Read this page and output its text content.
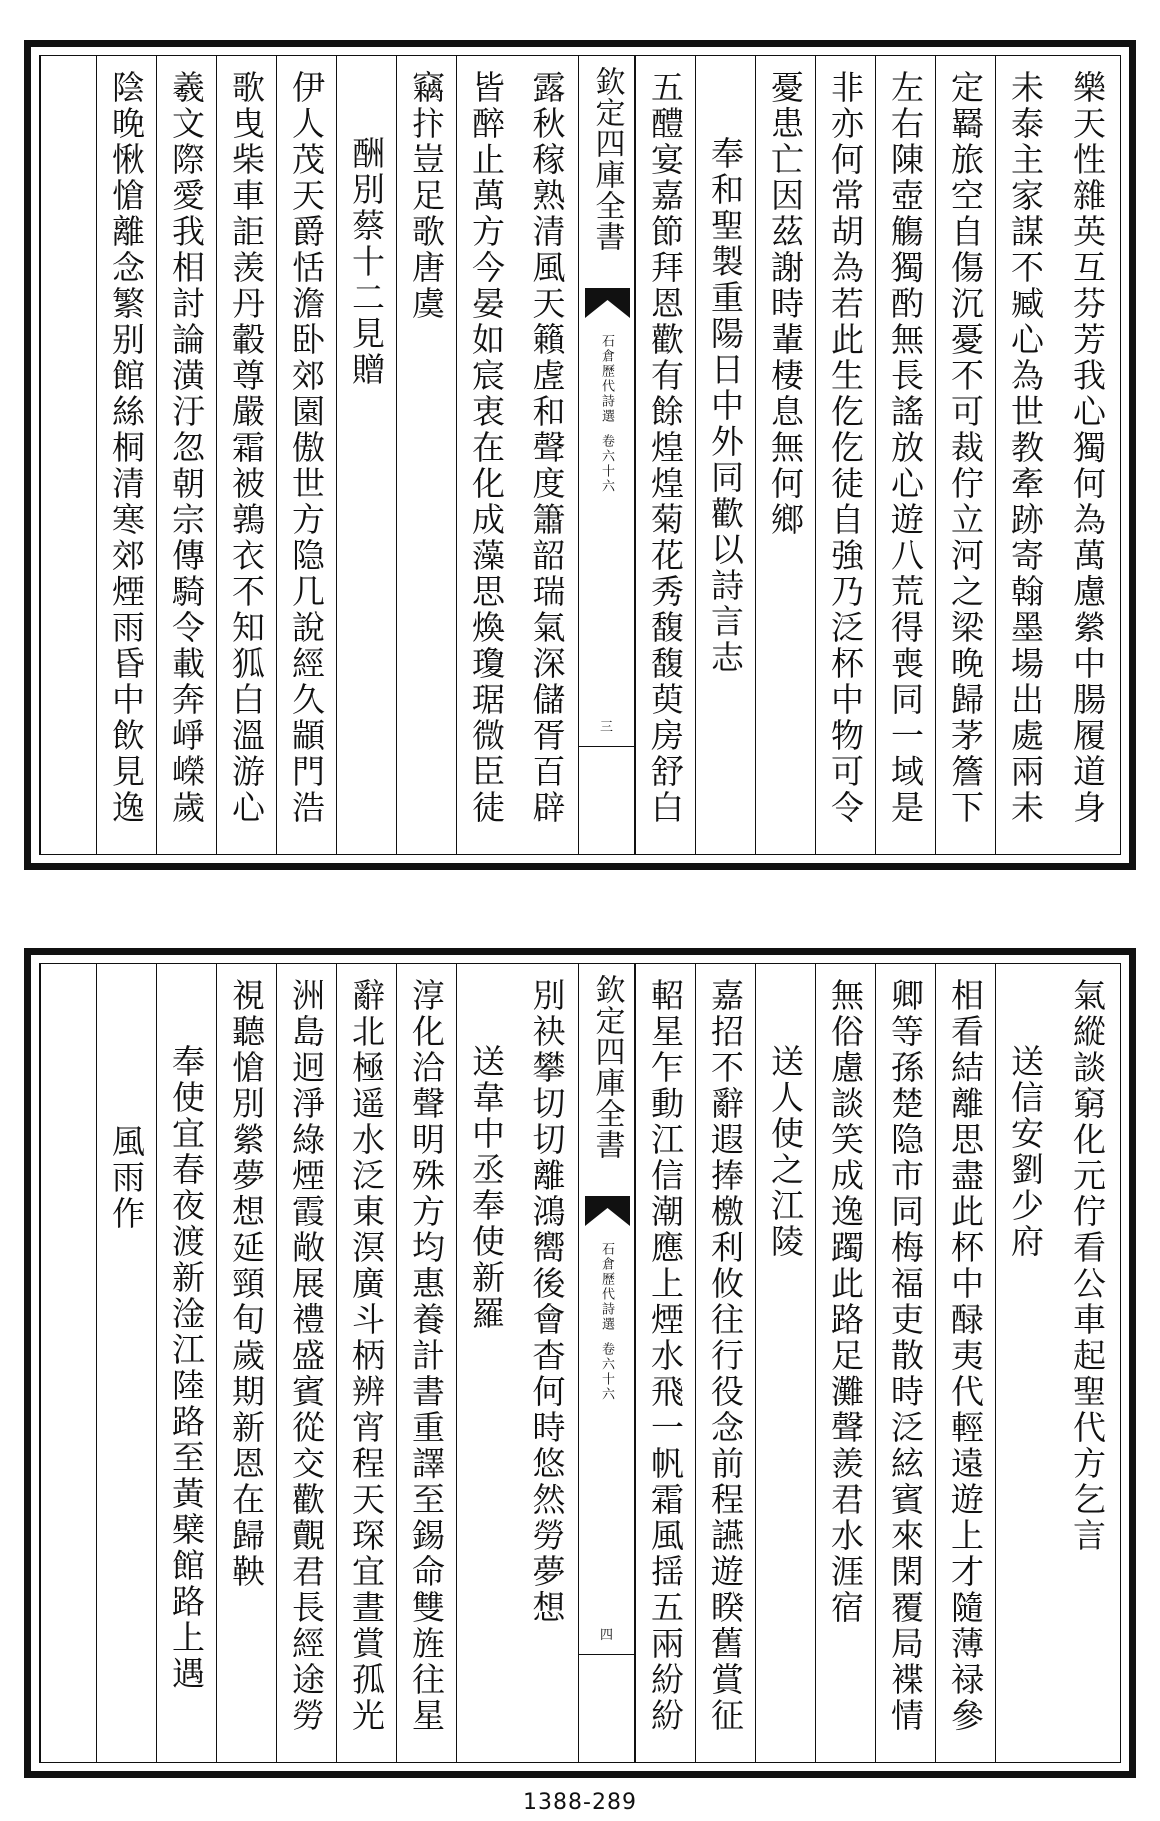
樂天性雜英互芬芳我心獨何為萬慮縈中腸履道身
未泰主家謀不臧心為世教牽跡寄翰墨場出處兩未
定羇旅空自傷沉憂不可裁佇立河之梁晚歸茅簷下
左右陳壺觴獨酌無長謠放心遊八荒得喪同一域是
非亦何常胡為若此生仡仡徒自強乃泛杯中物可令
憂患亡因茲謝時輩棲息無何鄉
奉和聖製重陽日中外同歡以詩言志
五醴宴嘉節拜恩歡有餘煌煌菊花秀馥馥萸房舒白
欽定四庫全書
石倉歷代詩選卷六十六
三
露秋稼熟清風天籟虗和聲度簫韶瑞氣深儲胥百辟
皆醉止萬方今晏如宸衷在化成藻思煥瓊琚微臣徒
竊抃豈足歌唐虞
酬別蔡十二見贈
伊人茂天爵恬澹卧郊園傲世方隐几說經久顓門浩
歌曳柴車詎羡丹轂尊嚴霜被鶉衣不知狐白溫游心
羲文際愛我相討論潢汙忽朝宗傳騎令載奔崢嶸歲
陰晚愀愴離念繁别館絲桐清寒郊煙雨昏中飲見逸
氣縱談窮化元佇看公車起聖代方乞言
送信安劉少府
相看結離思盡此杯中醁夷代輕遠遊上才隨薄禄參
卿等孫楚隐市同梅福吏散時泛絃賓來閑覆局褋情
無俗慮談笑成逸躅此路足灘聲羨君水涯宿
送人使之江陵
嘉招不辭遐捧檄利攸往行役念前程讌遊睽舊賞征
軺星乍動江信潮應上煙水飛一帆霜風揺五兩紛紛
欽定四庫全書
石倉歷代詩選卷六十六
四
別袂攀切切離鴻嚮後會杳何時悠然勞夢想
送韋中丞奉使新羅
淳化洽聲明殊方均惠養計書重譯至錫命雙旌往星
辭北極遥水泛東溟廣斗柄辨宵程天琛宜晝賞孤光
洲島迥淨綠煙霞敞展禮盛賓從交歡覿君長經途勞
視聽愴別縈夢想延頸旬歲期新恩在歸鞅
奉使宜春夜渡新淦江陸路至黃檗館路上遇
風雨作
1388-289
